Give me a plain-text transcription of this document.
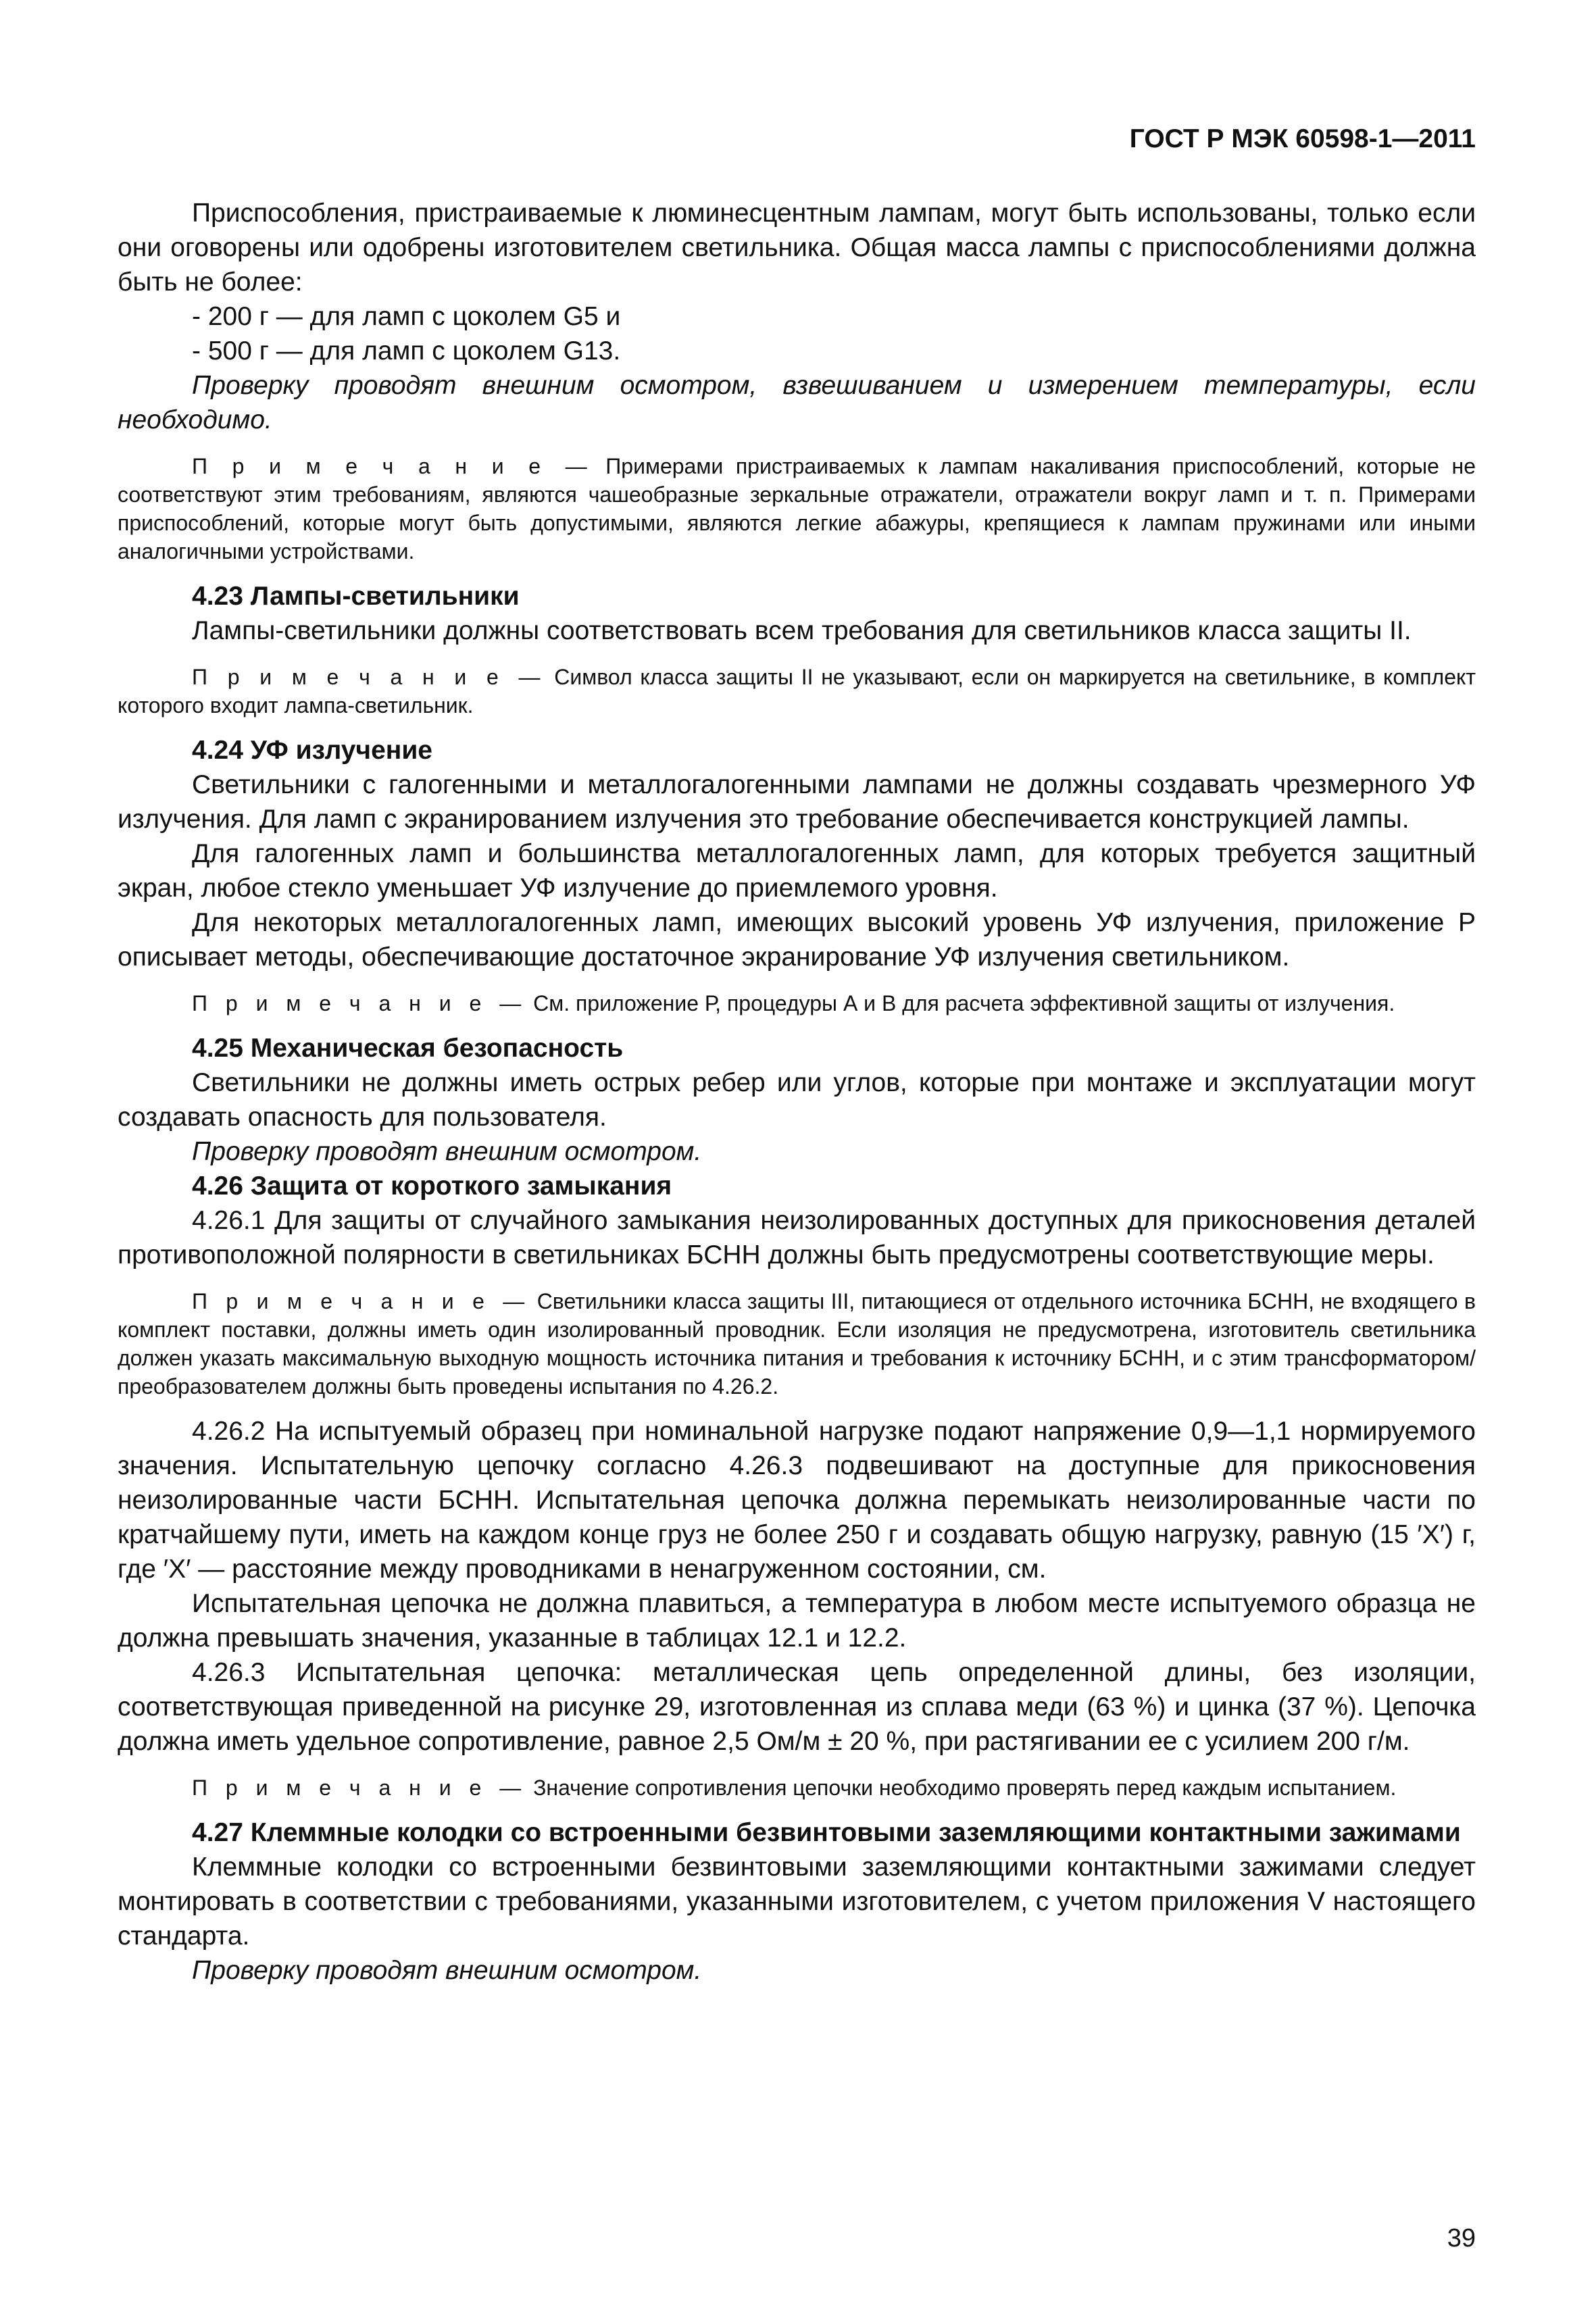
ГОСТ Р МЭК 60598-1—2011

Приспособления, пристраиваемые к люминесцентным лампам, могут быть использованы, только если они оговорены или одобрены изготовителем светильника. Общая масса лампы с приспособлениями должна быть не более:

- 200 г — для ламп с цоколем G5 и

- 500 г — для ламп с цоколем G13.

Проверку проводят внешним осмотром, взвешиванием и измерением температуры, если необходимо.

П р и м е ч а н и е — Примерами пристраиваемых к лампам накаливания приспособлений, которые не соответствуют этим требованиям, являются чашеобразные зеркальные отражатели, отражатели вокруг ламп и т. п. Примерами приспособлений, которые могут быть допустимыми, являются легкие абажуры, крепящиеся к лампам пружинами или иными аналогичными устройствами.

4.23 Лампы-светильники

Лампы-светильники должны соответствовать всем требования для светильников класса защиты II.

П р и м е ч а н и е — Символ класса защиты II не указывают, если он маркируется на светильнике, в комплект которого входит лампа-светильник.

4.24 УФ излучение

Светильники с галогенными и металлогалогенными лампами не должны создавать чрезмерного УФ излучения. Для ламп с экранированием излучения это требование обеспечивается конструкцией лампы.

Для галогенных ламп и большинства металлогалогенных ламп, для которых требуется защитный экран, любое стекло уменьшает УФ излучение до приемлемого уровня.

Для некоторых металлогалогенных ламп, имеющих высокий уровень УФ излучения, приложение Р описывает методы, обеспечивающие достаточное экранирование УФ излучения светильником.

П р и м е ч а н и е — См. приложение Р, процедуры А и В для расчета эффективной защиты от излучения.

4.25 Механическая безопасность

Светильники не должны иметь острых ребер или углов, которые при монтаже и эксплуатации могут создавать опасность для пользователя.

Проверку проводят внешним осмотром.

4.26 Защита от короткого замыкания

4.26.1 Для защиты от случайного замыкания неизолированных доступных для прикосновения деталей противоположной полярности в светильниках БСНН должны быть предусмотрены соответствующие меры.

П р и м е ч а н и е — Светильники класса защиты III, питающиеся от отдельного источника БСНН, не входящего в комплект поставки, должны иметь один изолированный проводник. Если изоляция не предусмотрена, изготовитель светильника должен указать максимальную выходную мощность источника питания и требования к источнику БСНН, и с этим трансформатором/преобразователем должны быть проведены испытания по 4.26.2.

4.26.2 На испытуемый образец при номинальной нагрузке подают напряжение 0,9—1,1 нормируемого значения. Испытательную цепочку согласно 4.26.3 подвешивают на доступные для прикосновения неизолированные части БСНН. Испытательная цепочка должна перемыкать неизолированные части по кратчайшему пути, иметь на каждом конце груз не более 250 г и создавать общую нагрузку, равную (15 ′X′) г, где ′X′ — расстояние между проводниками в ненагруженном состоянии, см.

Испытательная цепочка не должна плавиться, а температура в любом месте испытуемого образца не должна превышать значения, указанные в таблицах 12.1 и 12.2.

4.26.3 Испытательная цепочка: металлическая цепь определенной длины, без изоляции, соответствующая приведенной на рисунке 29, изготовленная из сплава меди (63 %) и цинка (37 %). Цепочка должна иметь удельное сопротивление, равное 2,5 Ом/м ± 20 %, при растягивании ее с усилием 200 г/м.

П р и м е ч а н и е — Значение сопротивления цепочки необходимо проверять перед каждым испытанием.

4.27 Клеммные колодки со встроенными безвинтовыми заземляющими контактными зажимами

Клеммные колодки со встроенными безвинтовыми заземляющими контактными зажимами следует монтировать в соответствии с требованиями, указанными изготовителем, с учетом приложения V настоящего стандарта.

Проверку проводят внешним осмотром.

39
